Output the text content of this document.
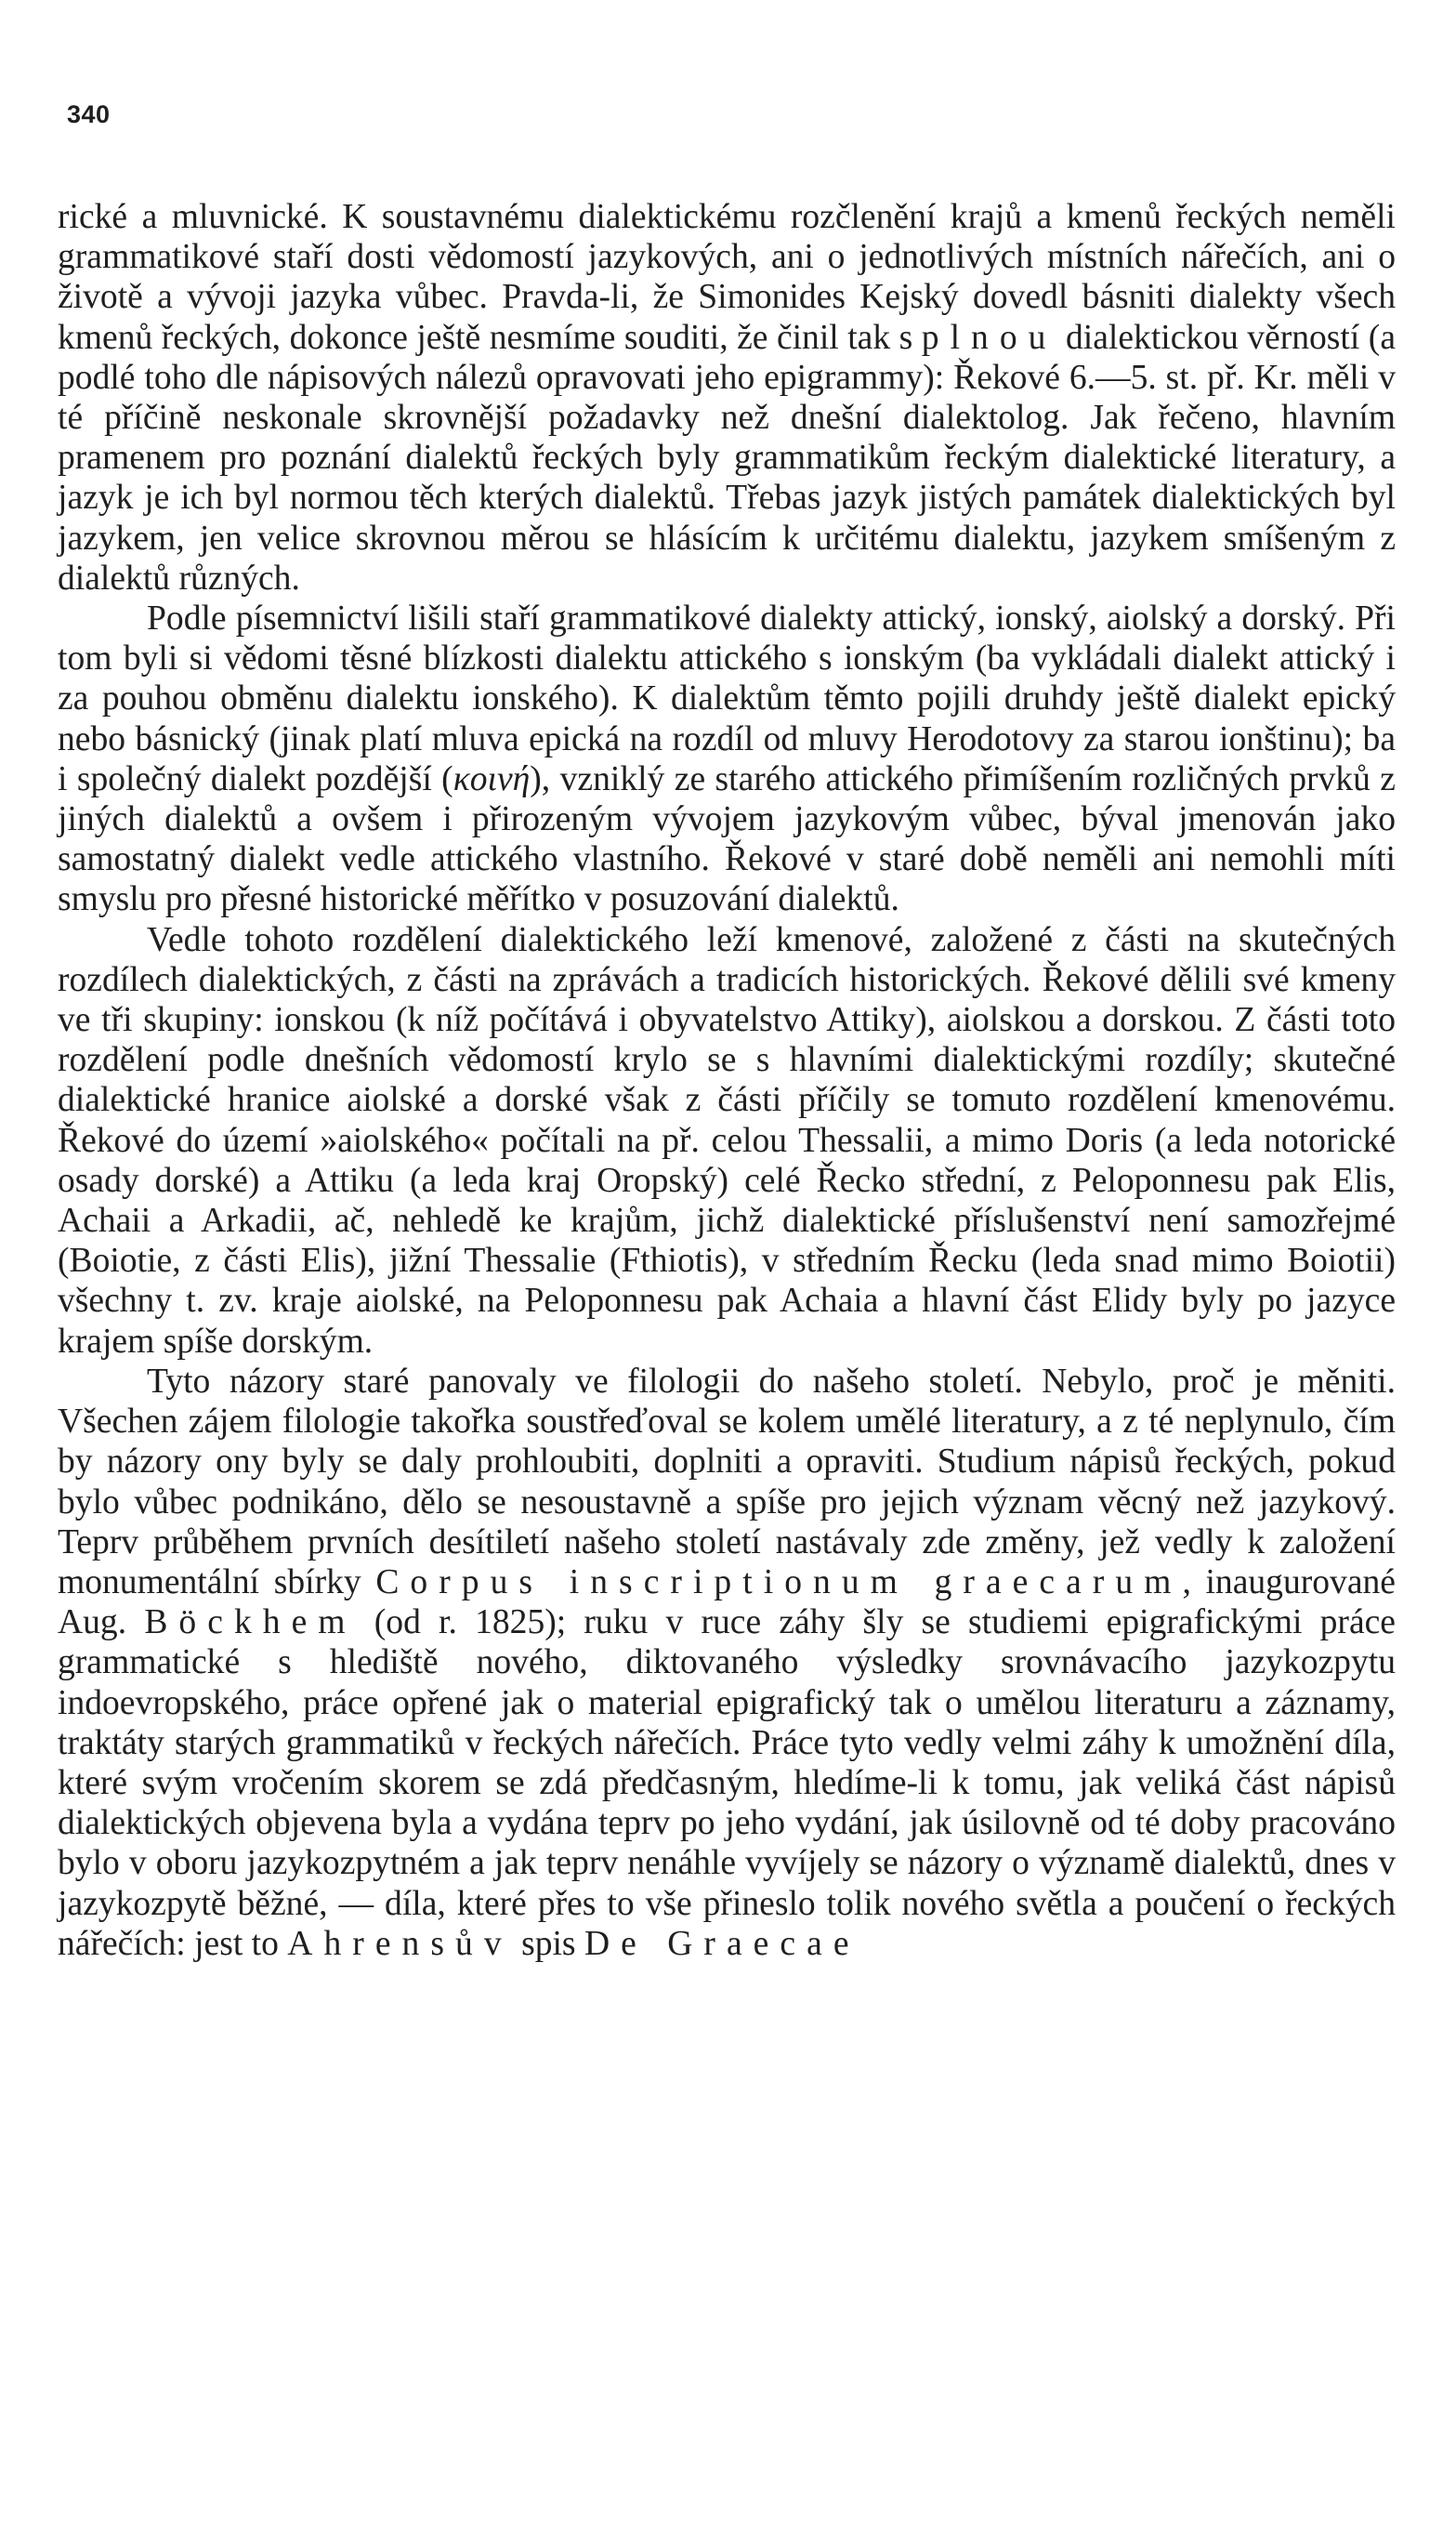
340

rické a mluvnické. K soustavnému dialektickému rozčlenění krajů a kmenů řeckých neměli grammatikové staří dosti vědomostí jazykových, ani o jednotlivých místních nářečích, ani o životě a vývoji jazyka vůbec. Pravda-li, že Simonides Kejský dovedl básniti dialekty všech kmenů řeckých, dokonce ještě nesmíme souditi, že činil tak s plnou dialektickou věrností (a podlé toho dle nápisových nálezů opravovati jeho epigrammy): Řekové 6.—5. st. př. Kr. měli v té příčině neskonale skrovnější požadavky než dnešní dialektolog. Jak řečeno, hlavním pramenem pro poznání dialektů řeckých byly grammatikům řeckým dialektické literatury, a jazyk je ich byl normou těch kterých dialektů. Třebas jazyk jistých památek dialektických byl jazykem, jen velice skrovnou měrou se hlásícím k určitému dialektu, jazykem smíšeným z dialektů různých.

Podle písemnictví lišili staří grammatikové dialekty attický, ionský, aiolský a dorský. Při tom byli si vědomi těsné blízkosti dialektu attického s ionským (ba vykládali dialekt attický i za pouhou obměnu dialektu ionského). K dialektům těmto pojili druhdy ještě dialekt epický nebo básnický (jinak platí mluva epická na rozdíl od mluvy Herodotovy za starou ionštinu); ba i společný dialekt pozdější (κοινή), vzniklý ze starého attického přimíšením rozličných prvků z jiných dialektů a ovšem i přirozeným vývojem jazykovým vůbec, býval jmenován jako samostatný dialekt vedle attického vlastního. Řekové v staré době neměli ani nemohli míti smyslu pro přesné historické měřítko v posuzování dialektů.

Vedle tohoto rozdělení dialektického leží kmenové, založené z části na skutečných rozdílech dialektických, z části na zprávách a tradicích historických. Řekové dělili své kmeny ve tři skupiny: ionskou (k níž počítává i obyvatelstvo Attiky), aiolskou a dorskou. Z části toto rozdělení podle dnešních vědomostí krylo se s hlavními dialektickými rozdíly; skutečné dialektické hranice aiolské a dorské však z části příčily se tomuto rozdělení kmenovému. Řekové do území »aiolského« počítali na př. celou Thessalii, a mimo Doris (a leda notorické osady dorské) a Attiku (a leda kraj Oropský) celé Řecko střední, z Peloponnesu pak Elis, Achaii a Arkadii, ač, nehledě ke krajům, jichž dialektické příslušenství není samozřejmé (Boiotie, z části Elis), jižní Thessalie (Fthiotis), v středním Řecku (leda snad mimo Boiotii) všechny t. zv. kraje aiolské, na Peloponnesu pak Achaia a hlavní část Elidy byly po jazyce krajem spíše dorským.

Tyto názory staré panovaly ve filologii do našeho století. Nebylo, proč je měniti. Všechen zájem filologie takořka soustřeďoval se kolem umělé literatury, a z té neplynulo, čím by názory ony byly se daly prohloubiti, doplniti a opraviti. Studium nápisů řeckých, pokud bylo vůbec podnikáno, dělo se nesoustavně a spíše pro jejich význam věcný než jazykový. Teprv průběhem prvních desítiletí našeho století nastávaly zde změny, jež vedly k založení monumentální sbírky Corpus inscriptionum graecarum, inaugurované Aug. Böckhem (od r. 1825); ruku v ruce záhy šly se studiemi epigrafickými práce grammatické s hlediště nového, diktovaného výsledky srovnávacího jazykozpytu indoevropského, práce opřené jak o material epigrafický tak o umělou literaturu a záznamy, traktáty starých grammatiků v řeckých nářečích. Práce tyto vedly velmi záhy k umožnění díla, které svým vročením skorem se zdá předčasným, hledíme-li k tomu, jak veliká část nápisů dialektických objevena byla a vydána teprv po jeho vydání, jak úsilovně od té doby pracováno bylo v oboru jazykozpytném a jak teprv nenáhle vyvíjely se názory o významě dialektů, dnes v jazykozpytě běžné, — díla, které přes to vše přineslo tolik nového světla a poučení o řeckých nářečích: jest to Ahrensův spis De Graecae
